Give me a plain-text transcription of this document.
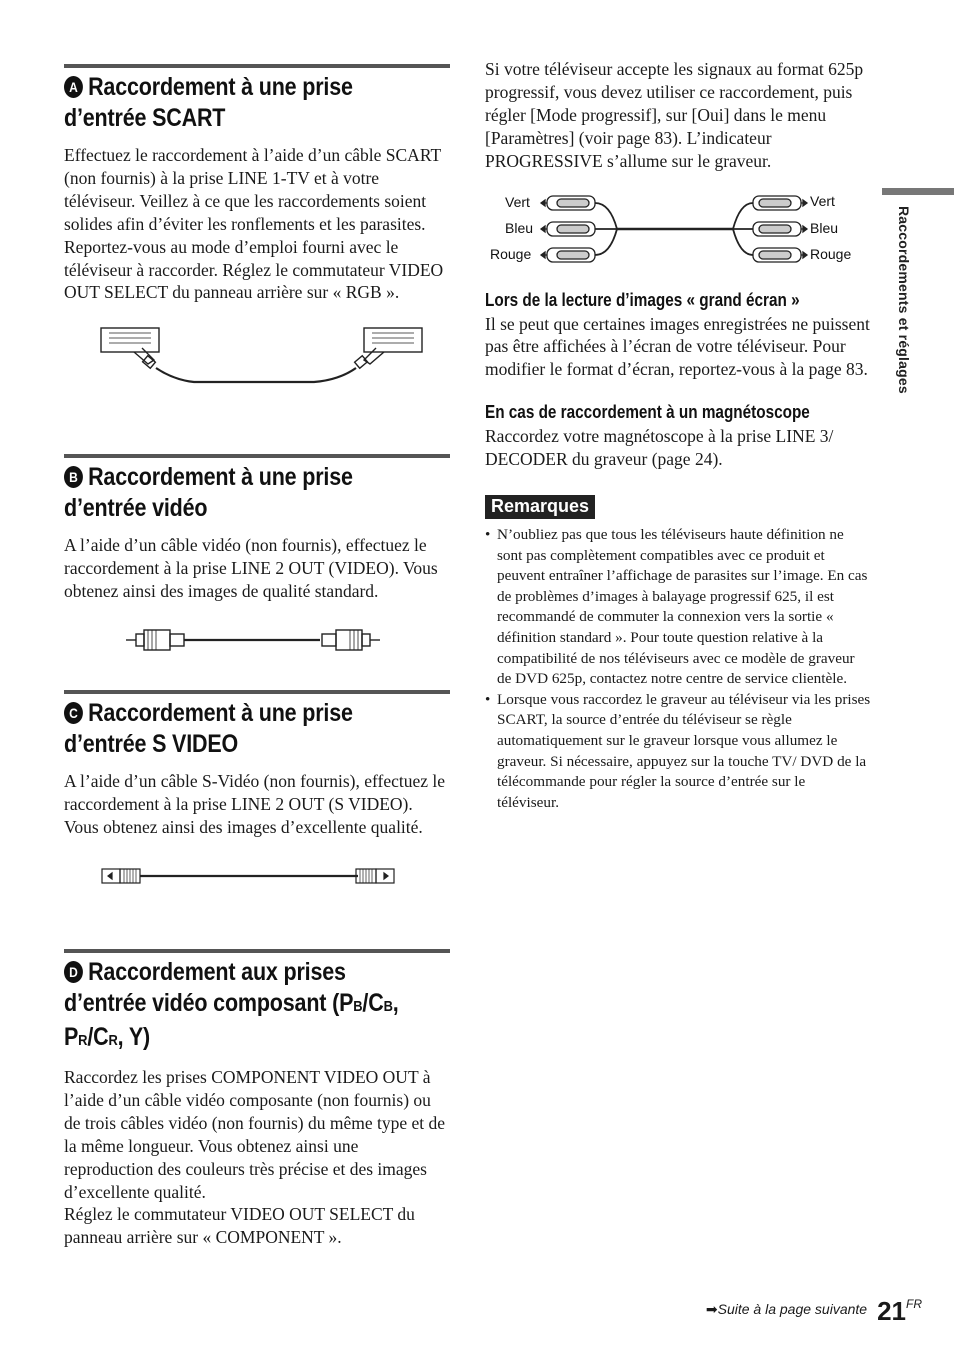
A Raccordement à une prise
d’entrée SCART

Effectuez le raccordement à l’aide d’un câble SCART (non fournis) à la prise LINE 1-TV et à votre téléviseur. Veillez à ce que les raccordements soient solides afin d’éviter les ronflements et les parasites.

Reportez-vous au mode d’emploi fourni avec le téléviseur à raccorder. Réglez le commutateur VIDEO OUT SELECT du panneau arrière sur « RGB ».

B Raccordement à une prise
d’entrée vidéo

A l’aide d’un câble vidéo (non fournis), effectuez le raccordement à la prise LINE 2 OUT (VIDEO). Vous obtenez ainsi des images de qualité standard.

C Raccordement à une prise
d’entrée S VIDEO

A l’aide d’un câble S-Vidéo (non fournis), effectuez le raccordement à la prise LINE 2 OUT (S VIDEO). Vous obtenez ainsi des images d’excellente qualité.

D Raccordement aux prises
d’entrée vidéo composant (PB/CB,
PR/CR, Y)

Raccordez les prises COMPONENT VIDEO OUT à l’aide d’un câble vidéo composante (non fournis) ou de trois câbles vidéo (non fournis) du même type et de la même longueur. Vous obtenez ainsi une reproduction des couleurs très précise et des images d’excellente qualité.

Réglez le commutateur VIDEO OUT SELECT du panneau arrière sur « COMPONENT ».

Si votre téléviseur accepte les signaux au format 625p progressif, vous devez utiliser ce raccordement, puis régler [Mode progressif], sur [Oui] dans le menu [Paramètres] (voir page 83). L’indicateur PROGRESSIVE s’allume sur le graveur.

Vert
Bleu
Rouge
Vert
Bleu
Rouge
Lors de la lecture d’images « grand écran »

Il se peut que certaines images enregistrées ne puissent pas être affichées à l’écran de votre téléviseur. Pour modifier le format d’écran, reportez-vous à la page 83.

En cas de raccordement à un magnétoscope

Raccordez votre magnétoscope à la prise LINE 3/ DECODER du graveur (page 24).

Remarques
• N’oubliez pas que tous les téléviseurs haute définition ne sont pas complètement compatibles avec ce produit et peuvent entraîner l’affichage de parasites sur l’image. En cas de problèmes d’images à balayage progressif 625, il est recommandé de commuter la connexion vers la sortie « définition standard ». Pour toute question relative à la compatibilité de nos téléviseurs avec ce modèle de graveur de DVD 625p, contactez notre centre de service clientèle.
• Lorsque vous raccordez le graveur au téléviseur via les prises SCART, la source d’entrée du téléviseur se règle automatiquement sur le graveur lorsque vous allumez le graveur. Si nécessaire, appuyez sur la touche TV/ DVD de la télécommande pour régler la source d’entrée sur le téléviseur.
Raccordements et réglages
➡Suite à la page suivante $21^{FR}$
